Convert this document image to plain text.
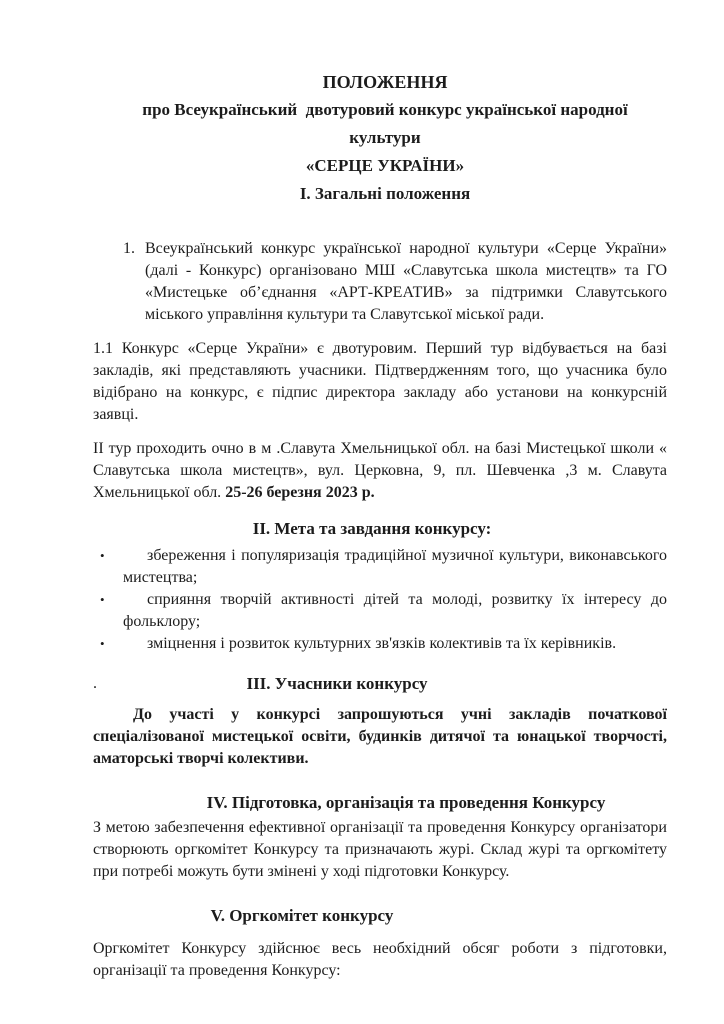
ПОЛОЖЕННЯ
про Всеукраїнський  двотуровий конкурс української народної
культури
«СЕРЦЕ УКРАЇНИ»
I. Загальні положення
1. Всеукраїнський конкурс української народної культури «Серце України» (далі - Конкурс) організовано МШ «Славутська школа мистецтв» та ГО «Мистецьке об’єднання «АРТ-КРЕАТИВ» за підтримки Славутського міського управління культури та Славутської міської ради.

1.1 Конкурс «Серце України» є двотуровим. Перший тур відбувається на базі закладів, які представляють учасники. Підтвердженням того, що учасника було відібрано на конкурс, є підпис директора закладу або установи на конкурсній заявці.

II тур проходить очно в м .Славута Хмельницької обл. на базі Мистецької школи « Славутська школа мистецтв», вул. Церковна, 9, пл. Шевченка ,3 м. Славута Хмельницької обл. 25-26 березня 2023 р.

II. Мета та завдання конкурсу:
•	збереження і популяризація традиційної музичної культури, виконавського мистецтва;
•	сприяння творчій активності дітей та молоді, розвитку їх інтересу до фольклору;
•	зміцнення і розвиток культурних зв'язків колективів та їх керівників.
.	III. Учасники конкурсу

До участі у конкурсі запрошуються учні закладів початкової спеціалізованої мистецької освіти, будинків дитячої та юнацької творчості, аматорські творчі колективи.

IV. Підготовка, організація та проведення Конкурсу

З метою забезпечення ефективної організації та проведення Конкурсу організатори створюють оргкомітет Конкурсу та призначають журі. Склад журі та оргкомітету при потребі можуть бути змінені у ході підготовки Конкурсу.

V. Оргкомітет конкурсу

Оргкомітет Конкурсу здійснює весь необхідний обсяг роботи з підготовки, організації та проведення Конкурсу:
